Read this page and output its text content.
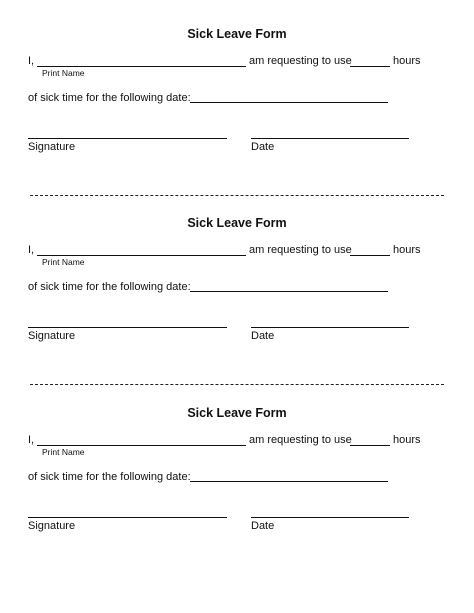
Sick Leave Form
I,	am requesting to use	hours
Print Name
of sick time for the following date:
Signature	Date
Sick Leave Form
I,	am requesting to use	hours
Print Name
of sick time for the following date:
Signature	Date
Sick Leave Form
I,	am requesting to use	hours
Print Name
of sick time for the following date:
Signature	Date
